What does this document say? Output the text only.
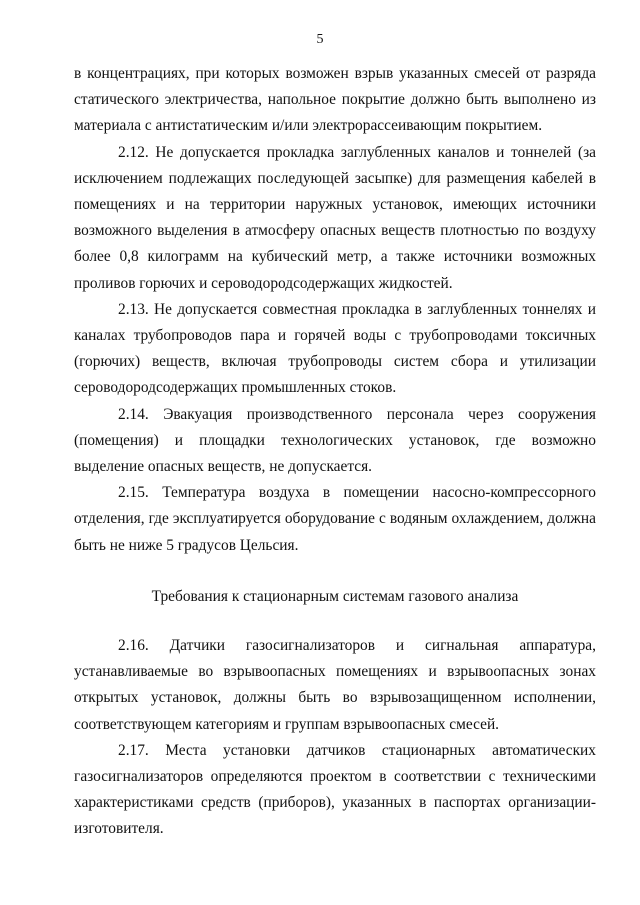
5

в концентрациях, при которых возможен взрыв указанных смесей от разряда статического электричества, напольное покрытие должно быть выполнено из материала с антистатическим и/или электрорассеивающим покрытием.

2.12. Не допускается прокладка заглубленных каналов и тоннелей (за исключением подлежащих последующей засыпке) для размещения кабелей в помещениях и на территории наружных установок, имеющих источники возможного выделения в атмосферу опасных веществ плотностью по воздуху более 0,8 килограмм на кубический метр, а также источники возможных проливов горючих и сероводородсодержащих жидкостей.

2.13. Не допускается совместная прокладка в заглубленных тоннелях и каналах трубопроводов пара и горячей воды с трубопроводами токсичных (горючих) веществ, включая трубопроводы систем сбора и утилизации сероводородсодержащих промышленных стоков.

2.14. Эвакуация производственного персонала через сооружения (помещения) и площадки технологических установок, где возможно выделение опасных веществ, не допускается.

2.15. Температура воздуха в помещении насосно-компрессорного отделения, где эксплуатируется оборудование с водяным охлаждением, должна быть не ниже 5 градусов Цельсия.

Требования к стационарным системам газового анализа

2.16. Датчики газосигнализаторов и сигнальная аппаратура, устанавливаемые во взрывоопасных помещениях и взрывоопасных зонах открытых установок, должны быть во взрывозащищенном исполнении, соответствующем категориям и группам взрывоопасных смесей.

2.17. Места установки датчиков стационарных автоматических газосигнализаторов определяются проектом в соответствии с техническими характеристиками средств (приборов), указанных в паспортах организации-изготовителя.
